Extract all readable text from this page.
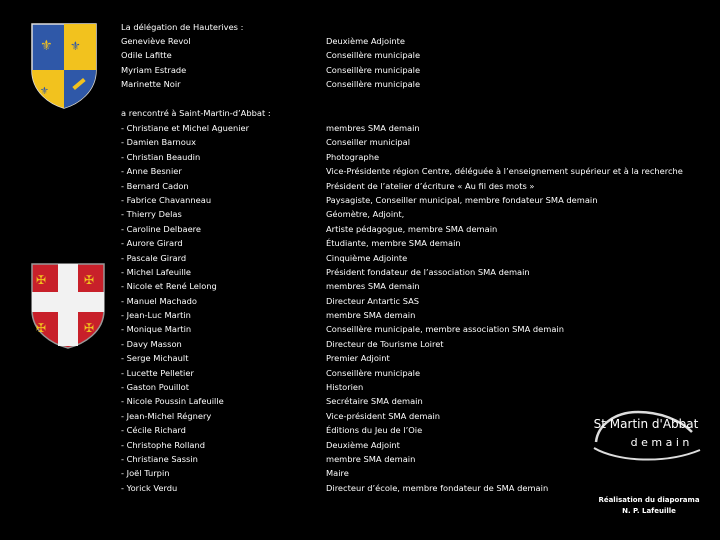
⚜ ⚜
⚜
✠	✠
✠	✠
La délégation de Hauterives :
Geneviève Revol
Odile Lafitte
Myriam Estrade
Marinette Noir
Deuxième Adjointe
Conseillère municipale
Conseillère municipale
Conseillère municipale
a rencontré à Saint-Martin-d’Abbat :
- Christiane et Michel Aguenier
- Damien Barnoux
- Christian Beaudin
- Anne Besnier
- Bernard Cadon
- Fabrice Chavanneau
- Thierry Delas
- Caroline Delbaere
- Aurore Girard
- Pascale Girard
- Michel Lafeuille
- Nicole et René Lelong
- Manuel Machado
- Jean-Luc Martin
- Monique Martin
- Davy Masson
- Serge Michault
- Lucette Pelletier
- Gaston Pouillot
- Nicole Poussin Lafeuille
- Jean-Michel Régnery
- Cécile Richard
- Christophe Rolland
- Christiane Sassin
- Joël Turpin
- Yorick Verdu
membres SMA demain
Conseiller municipal
Photographe
Vice-Présidente région Centre, déléguée à l’enseignement supérieur et à la recherche
Président de l’atelier d’écriture « Au fil des mots »
Paysagiste, Conseiller municipal, membre fondateur SMA demain
Géomètre, Adjoint,
Artiste pédagogue, membre SMA demain
Étudiante, membre SMA demain
Cinquième Adjointe
Président fondateur de l’association SMA demain
membres SMA demain
Directeur Antartic SAS
membre SMA demain
Conseillère municipale, membre association SMA demain
Directeur de Tourisme Loiret
Premier Adjoint
Conseillère municipale
Historien
Secrétaire SMA demain
Vice-président SMA demain
Éditions du Jeu de l’Oie
Deuxième Adjoint
membre SMA demain
Maire
Directeur d’école, membre fondateur de SMA demain
St Martin d'Abbat
d e m a i n
Réalisation du diaporama
N. P. Lafeuille
